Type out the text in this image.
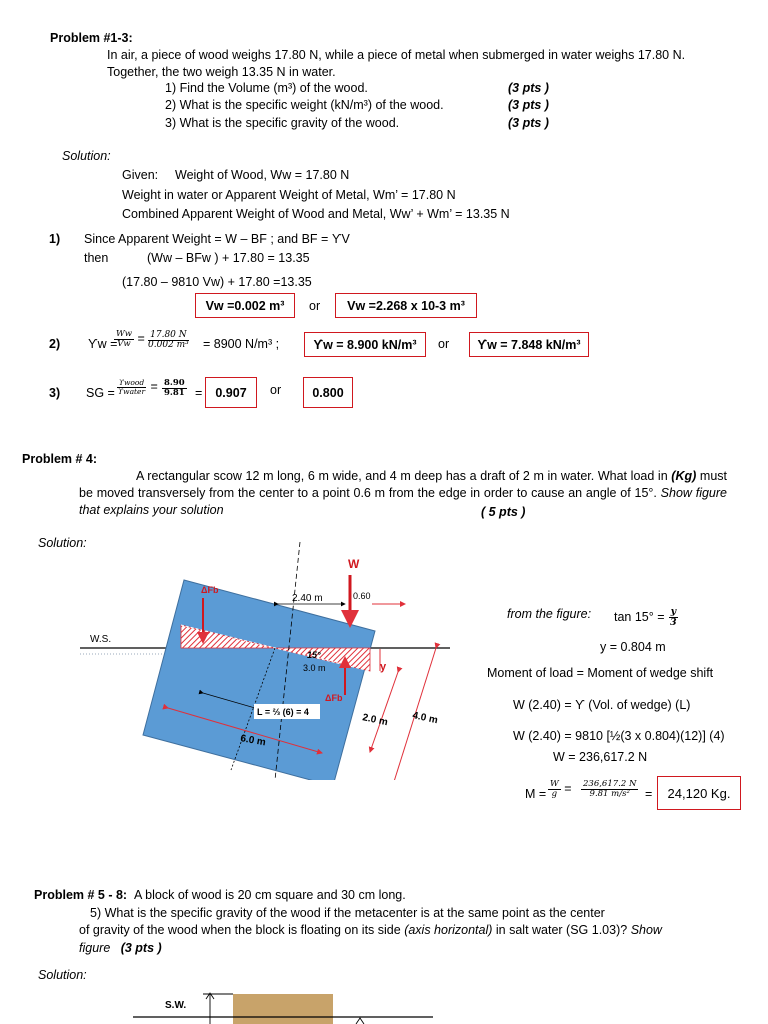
Problem #1-3:
In air, a piece of wood weighs 17.80 N, while a piece of metal when submerged in water weighs 17.80 N.
Together, the two weigh 13.35 N in water.
1) Find the Volume (m³) of the wood.	(3 pts )
2) What is the specific weight (kN/m³) of the wood.	(3 pts )
3) What is the specific gravity of the wood.	(3 pts )
Solution:
Given: Weight of Wood, Ww = 17.80 N
Weight in water or Apparent Weight of Metal, Wm’ = 17.80 N
Combined Apparent Weight of Wood and Metal, Ww’ + Wm’ = 13.35 N
1) Since Apparent Weight = W – BF ; and BF = ϒV
then	(Ww – BFw ) + 17.80 = 13.35
(17.80 – 9810 Vw) + 17.80 =13.35
Vw =0.002 m³	or	Vw =2.268 x 10-3 m³
2) ϒw =
$\frac{Ww}{Vw} = \frac{17.80 N}{\text{0.002 m³}} = 8900$ N/m³ ;	ϒw = 8.900 kN/m³	or	ϒw = 7.848 kN/m³
3) SG = $\frac{\text{ϒwood}}{\text{ϒwater}} = \frac{8.90}{9.81}$ =	0.907	or	0.800
Problem # 4:
A rectangular scow 12 m long, 6 m wide, and 4 m deep has a draft of 2 m in water. What load in (Kg) must be moved transversely from the center to a point 0.6 m from the edge in order to cause an angle of 15°. Show figure that explains your solution	( 5 pts )
Solution:
W
W.S.
2.40 m	0.60
ΔFb
15°
3.0 m
ΔFb
y
L = ⅔ (6) = 4
2.0 m 4.0 m
6.0 m
from the figure: $\tan 15^\circ = \frac{y}{3}$
y = 0.804 m
Moment of load = Moment of wedge shift
W (2.40) = ϒ (Vol. of wedge) (L)
W (2.40) = 9810 [½(3 x 0.804)(12)] (4)
W = 236,617.2 N
$M = \frac{W}{g} = \frac{236,617.2 N}{\text{9.81 m/s²}}$ =	24,120 Kg.
Problem # 5 - 8: A block of wood is 20 cm square and 30 cm long.
5) What is the specific gravity of the wood if the metacenter is at the same point as the center
of gravity of the wood when the block is floating on its side (axis horizontal) in salt water (SG 1.03)? Show
figure (3 pts )
Solution:
S.W.
